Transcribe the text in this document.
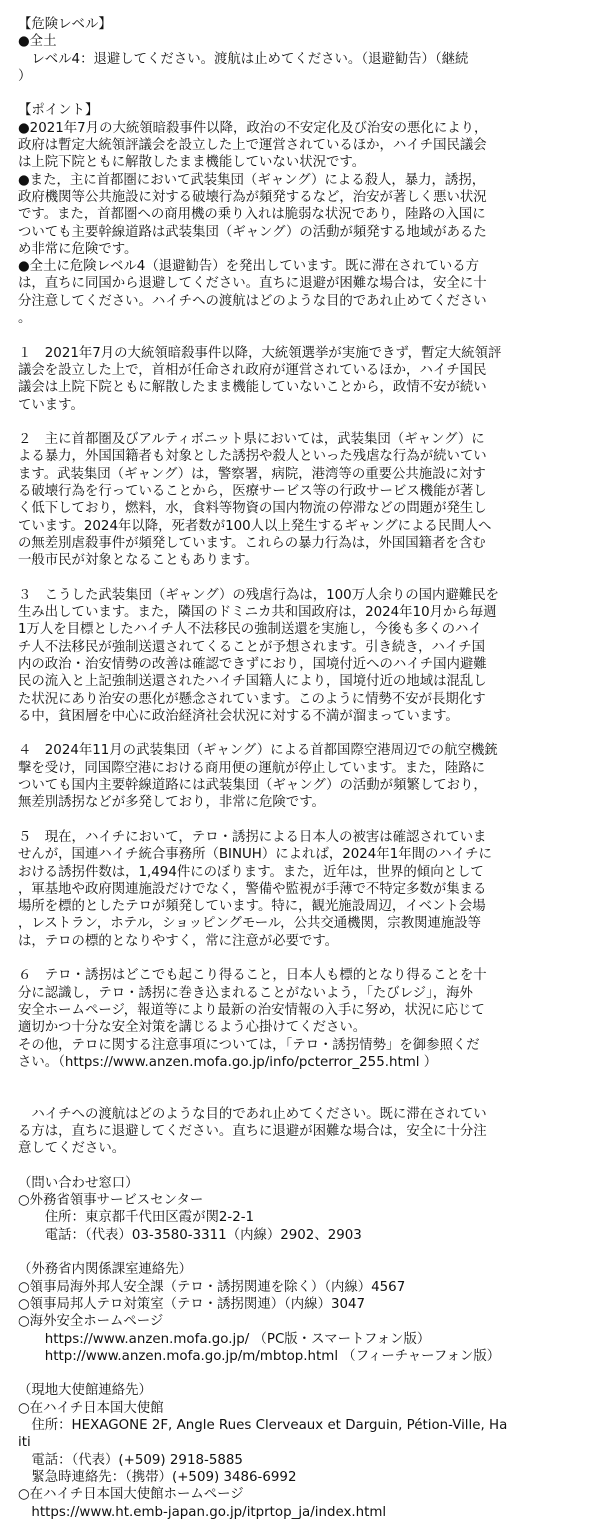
【危険レベル】
●全土
　レベル4：退避してください。渡航は止めてください。（退避勧告）（継続
）
【ポイント】
●2021年7月の大統領暗殺事件以降，政治の不安定化及び治安の悪化により，
政府は暫定大統領評議会を設立した上で運営されているほか，ハイチ国民議会
は上院下院ともに解散したまま機能していない状況です。
●また，主に首都圏において武装集団（ギャング）による殺人，暴力，誘拐，
政府機関等公共施設に対する破壊行為が頻発するなど，治安が著しく悪い状況
です。また，首都圏への商用機の乗り入れは脆弱な状況であり，陸路の入国に
ついても主要幹線道路は武装集団（ギャング）の活動が頻発する地域があるた
め非常に危険です。
●全土に危険レベル4（退避勧告）を発出しています。既に滞在されている方
は，直ちに同国から退避してください。直ちに退避が困難な場合は，安全に十
分注意してください。ハイチへの渡航はどのような目的であれ止めてください
。
１　2021年7月の大統領暗殺事件以降，大統領選挙が実施できず，暫定大統領評
議会を設立した上で，首相が任命され政府が運営されているほか，ハイチ国民
議会は上院下院ともに解散したまま機能していないことから，政情不安が続い
ています。
２　主に首都圏及びアルティボニット県においては，武装集団（ギャング）に
よる暴力，外国国籍者も対象とした誘拐や殺人といった残虐な行為が続いてい
ます。武装集団（ギャング）は，警察署，病院，港湾等の重要公共施設に対す
る破壊行為を行っていることから，医療サービス等の行政サービス機能が著し
く低下しており，燃料，水，食料等物資の国内物流の停滞などの問題が発生し
ています。2024年以降，死者数が100人以上発生するギャングによる民間人へ
の無差別虐殺事件が頻発しています。これらの暴力行為は，外国国籍者を含む
一般市民が対象となることもあります。
３　こうした武装集団（ギャング）の残虐行為は，100万人余りの国内避難民を
生み出しています。また，隣国のドミニカ共和国政府は，2024年10月から毎週
1万人を目標としたハイチ人不法移民の強制送還を実施し，今後も多くのハイ
チ人不法移民が強制送還されてくることが予想されます。引き続き，ハイチ国
内の政治・治安情勢の改善は確認できずにおり，国境付近へのハイチ国内避難
民の流入と上記強制送還されたハイチ国籍人により，国境付近の地域は混乱し
た状況にあり治安の悪化が懸念されています。このように情勢不安が長期化す
る中，貧困層を中心に政治経済社会状況に対する不満が溜まっています。
４　2024年11月の武装集団（ギャング）による首都国際空港周辺での航空機銃
撃を受け，同国際空港における商用便の運航が停止しています。また，陸路に
ついても国内主要幹線道路には武装集団（ギャング）の活動が頻繁しており，
無差別誘拐などが多発しており，非常に危険です。
５　現在，ハイチにおいて，テロ・誘拐による日本人の被害は確認されていま
せんが，国連ハイチ統合事務所（BINUH）によれば，2024年1年間のハイチに
おける誘拐件数は，1,494件にのぼります。また，近年は，世界的傾向として
，軍基地や政府関連施設だけでなく，警備や監視が手薄で不特定多数が集まる
場所を標的としたテロが頻発しています。特に，観光施設周辺，イベント会場
，レストラン，ホテル，ショッピングモール，公共交通機関，宗教関連施設等
は，テロの標的となりやすく，常に注意が必要です。
６　テロ・誘拐はどこでも起こり得ること，日本人も標的となり得ることを十
分に認識し，テロ・誘拐に巻き込まれることがないよう，「たびレジ」，海外
安全ホームページ，報道等により最新の治安情報の入手に努め，状況に応じて
適切かつ十分な安全対策を講じるよう心掛けてください。
その他，テロに関する注意事項については，「テロ・誘拐情勢」を御参照くだ
さい。（https://www.anzen.mofa.go.jp/info/pcterror_255.html ）
　ハイチへの渡航はどのような目的であれ止めてください。既に滞在されてい
る方は，直ちに退避してください。直ちに退避が困難な場合は，安全に十分注
意してください。
（問い合わせ窓口）
○外務省領事サービスセンター
　　住所：東京都千代田区霞が関2-2-1
　　電話：（代表）03-3580-3311（内線）2902、2903
（外務省内関係課室連絡先）
○領事局海外邦人安全課（テロ・誘拐関連を除く）（内線）4567
○領事局邦人テロ対策室（テロ・誘拐関連）（内線）3047
○海外安全ホームページ
　　https://www.anzen.mofa.go.jp/ （PC版・スマートフォン版）
　　http://www.anzen.mofa.go.jp/m/mbtop.html （フィーチャーフォン版）
（現地大使館連絡先）
○在ハイチ日本国大使館
　住所：HEXAGONE 2F, Angle Rues Clerveaux et Darguin, Pétion-Ville, Ha
iti
　電話：（代表）(+509) 2918-5885
　緊急時連絡先：（携帯）(+509) 3486-6992
○在ハイチ日本国大使館ホームページ
　https://www.ht.emb-japan.go.jp/itprtop_ja/index.html
